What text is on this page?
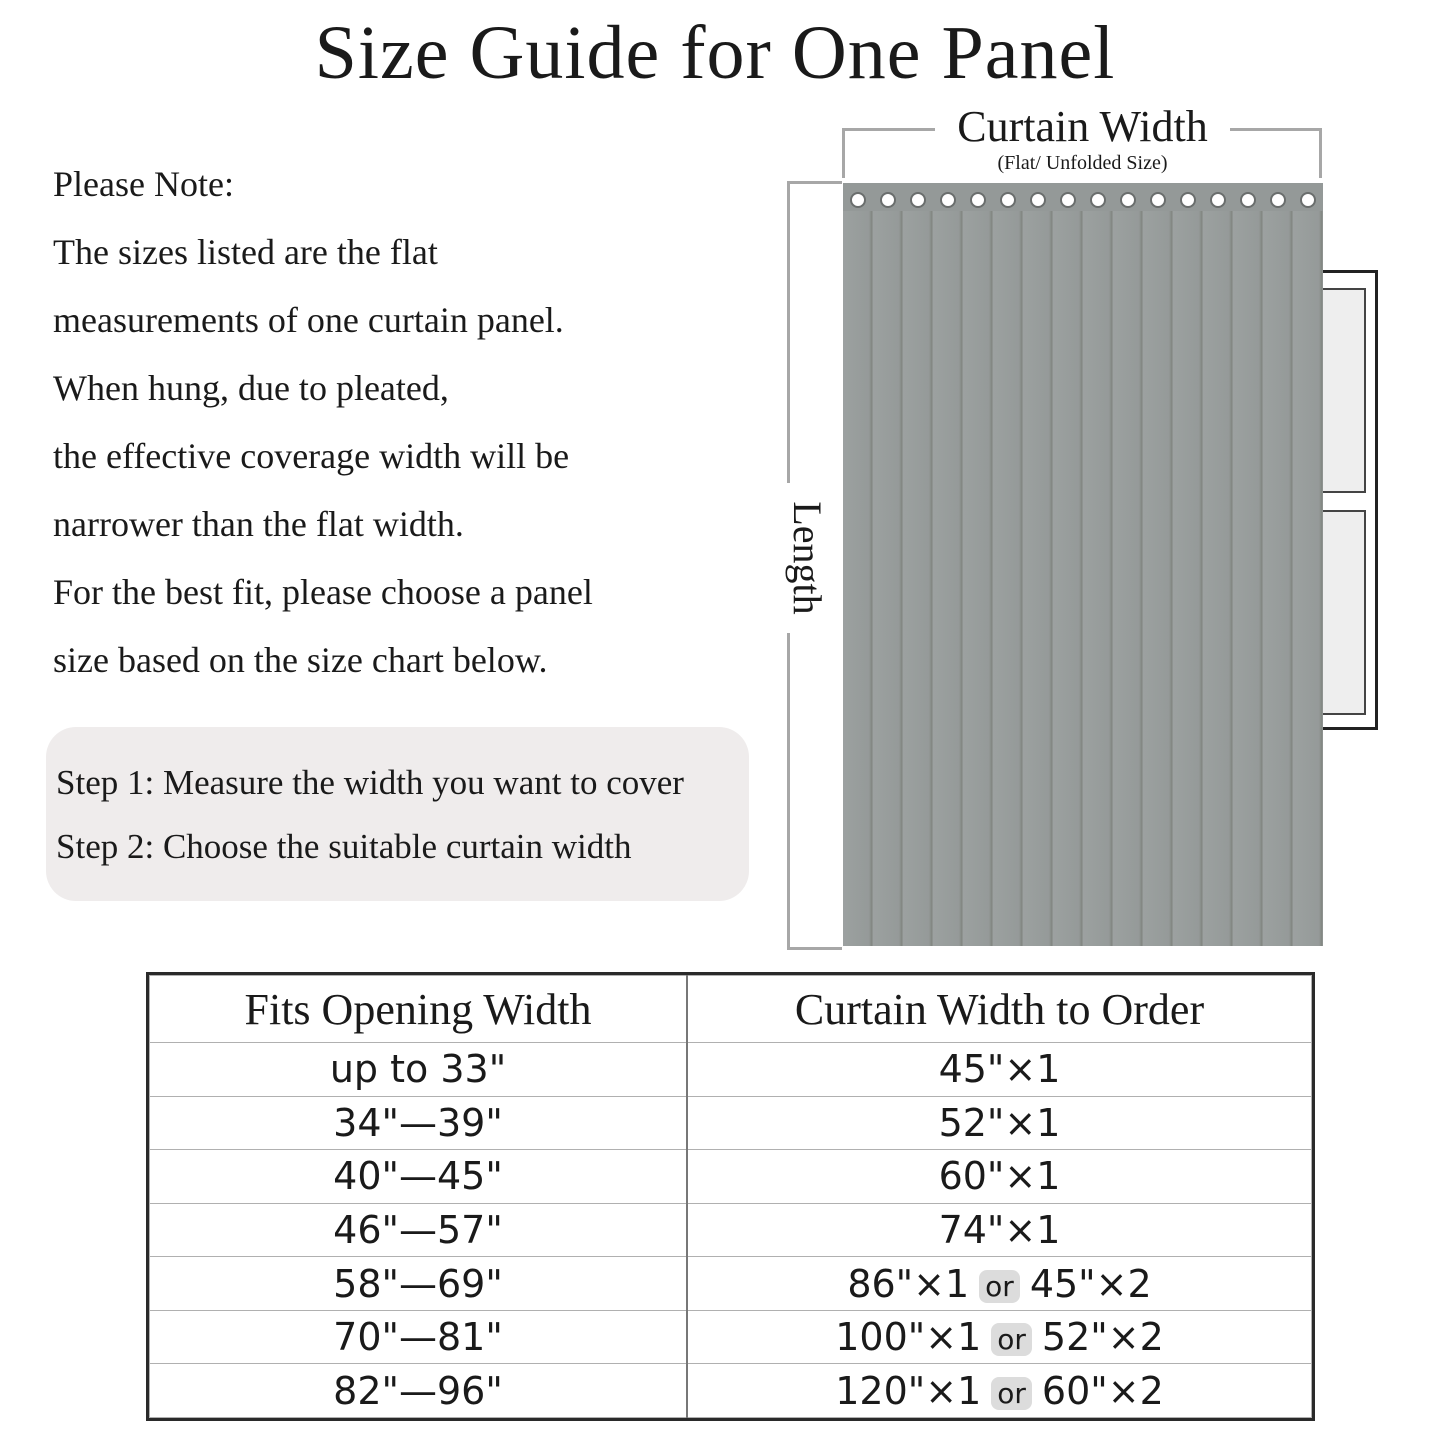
Size Guide for One Panel
Please Note:
The sizes listed are the flat
measurements of one curtain panel.
When hung, due to pleated,
the effective coverage width will be
narrower than the flat width.
For the best fit, please choose a panel
size based on the size chart below.
Step 1: Measure the width you want to cover
Step 2: Choose the suitable curtain width
Curtain Width
(Flat/ Unfolded Size)
Length
Fits Opening Width	Curtain Width to Order
up to 33"	45"×1
34"—39"	52"×1
40"—45"	60"×1
46"—57"	74"×1
58"—69"	86"×1 or 45"×2
70"—81"	100"×1 or 52"×2
82"—96"	120"×1 or 60"×2
